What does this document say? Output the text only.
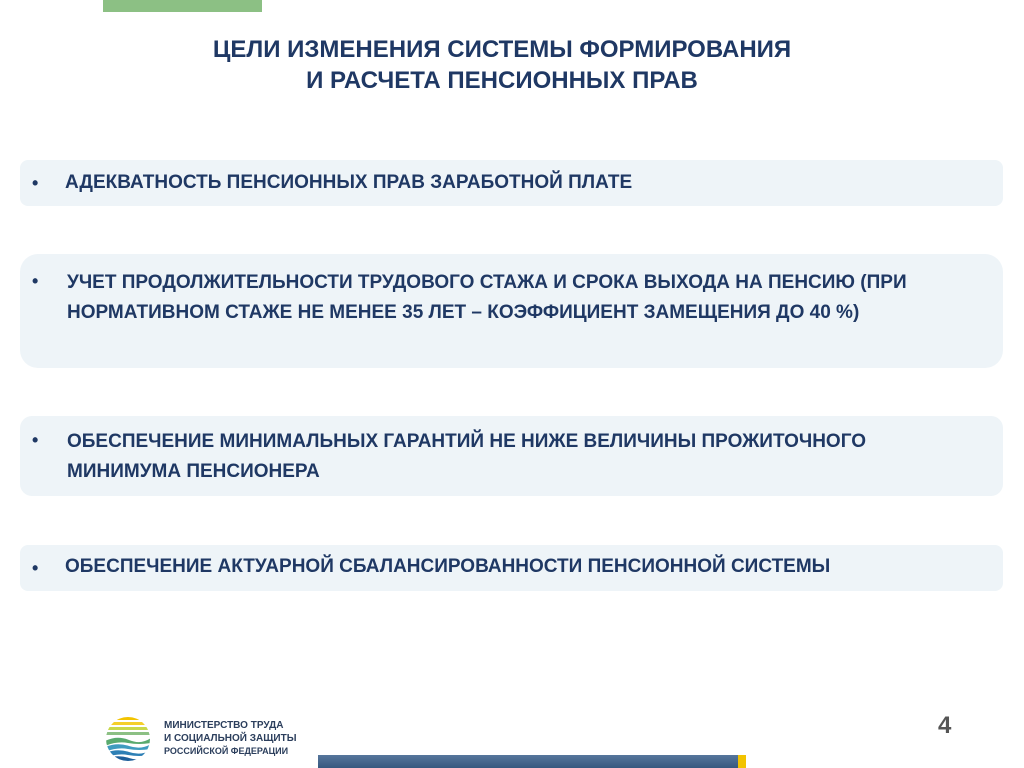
ЦЕЛИ ИЗМЕНЕНИЯ СИСТЕМЫ ФОРМИРОВАНИЯ
И РАСЧЕТА ПЕНСИОННЫХ ПРАВ
• АДЕКВАТНОСТЬ ПЕНСИОННЫХ ПРАВ ЗАРАБОТНОЙ ПЛАТЕ
• УЧЕТ ПРОДОЛЖИТЕЛЬНОСТИ ТРУДОВОГО СТАЖА И СРОКА ВЫХОДА НА ПЕНСИЮ (ПРИ НОРМАТИВНОМ СТАЖЕ НЕ МЕНЕЕ 35 ЛЕТ – КОЭФФИЦИЕНТ ЗАМЕЩЕНИЯ ДО 40 %)
• ОБЕСПЕЧЕНИЕ МИНИМАЛЬНЫХ ГАРАНТИЙ НЕ НИЖЕ ВЕЛИЧИНЫ ПРОЖИТОЧНОГО МИНИМУМА ПЕНСИОНЕРА
• ОБЕСПЕЧЕНИЕ АКТУАРНОЙ СБАЛАНСИРОВАННОСТИ ПЕНСИОННОЙ СИСТЕМЫ
МИНИСТЕРСТВО ТРУДА
И СОЦИАЛЬНОЙ ЗАЩИТЫ
РОССИЙСКОЙ ФЕДЕРАЦИИ
4
